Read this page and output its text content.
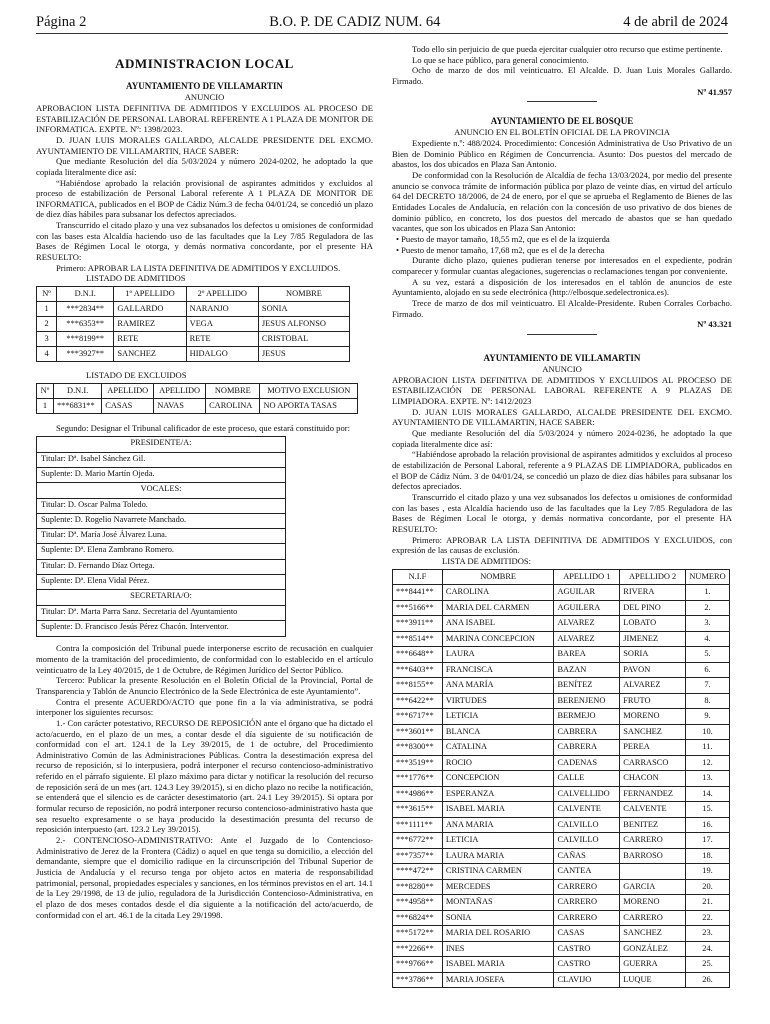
Página 2	B.O. P. DE CADIZ NUM. 64	4 de abril de 2024
ADMINISTRACION LOCAL
AYUNTAMIENTO DE VILLAMARTIN
ANUNCIO
APROBACION LISTA DEFINITIVA DE ADMITIDOS Y EXCLUIDOS AL PROCESO DE ESTABILIZACIÓN DE PERSONAL LABORAL REFERENTE A 1 PLAZA DE MONITOR DE INFORMATICA. EXPTE. Nº: 1398/2023.
D. JUAN LUIS MORALES GALLARDO, ALCALDE PRESIDENTE DEL EXCMO. AYUNTAMIENTO DE VILLAMARTIN, HACE SABER:
Que mediante Resolución del día 5/03/2024 y número 2024-0202, he adoptado la que copiada literalmente dice así:
“Habiéndose aprobado la relación provisional de aspirantes admitidos y excluidos al proceso de estabilización de Personal Laboral referente A 1 PLAZA DE MONITOR DE INFORMATICA, publicados en el BOP de Cádiz Núm.3 de fecha 04/01/24, se concedió un plazo de diez días hábiles para subsanar los defectos apreciados.
Transcurrido el citado plazo y una vez subsanados los defectos u omisiones de conformidad con las bases esta Alcaldía haciendo uso de las facultades que la Ley 7/85 Reguladora de las Bases de Régimen Local le otorga, y demás normativa concordante, por el presente HA RESUELTO:
Primero: APROBAR LA LISTA DEFINITIVA DE ADMITIDOS Y EXCLUIDOS.
LISTADO DE ADMITIDOS
Nº	D.N.I.	1º APELLIDO	2º APELLIDO	NOMBRE
1	***2834**	GALLARDO	NARANJO	SONIA
2	***6353**	RAMIREZ	VEGA	JESUS ALFONSO
3	***8199**	RETE	RETE	CRISTOBAL
4	***3927**	SANCHEZ	HIDALGO	JESUS
LISTADO DE EXCLUIDOS
Nº	D.N.I.	APELLIDO	APELLIDO	NOMBRE	MOTIVO EXCLUSION
1	***6831**	CASAS	NAVAS	CAROLINA	NO APORTA TASAS
Segundo: Designar el Tribunal calificador de este proceso, que estará constituido por:
PRESIDENTE/A:
Titular: Dª. Isabel Sánchez Gil.
Suplente: D. Mario Martín Ojeda.
VOCALES:
Titular: D. Oscar Palma Toledo.
Suplente: D. Rogelio Navarrete Manchado.
Titular: Dª. María José Álvarez Luna.
Suplente: Dª. Elena Zambrano Romero.
Titular: D. Fernando Díaz Ortega.
Suplente: Dª. Elena Vidal Pérez.
SECRETARIA/O:
Titular: Dª. Marta Parra Sanz. Secretaria del Ayuntamiento
Suplente: D. Francisco Jesús Pérez Chacón. Interventor.
Contra la composición del Tribunal puede interponerse escrito de recusación en cualquier momento de la tramitación del procedimiento, de conformidad con lo establecido en el artículo veinticuatro de la Ley 40/2015, de 1 de Octubre, de Régimen Jurídico del Sector Público.
Tercero: Publicar la presente Resolución en el Boletín Oficial de la Provincial, Portal de Transparencia y Tablón de Anuncio Electrónico de la Sede Electrónica de este Ayuntamiento”.
Contra el presente ACUERDO/ACTO que pone fin a la vía administrativa, se podrá interponer los siguientes recursos:
1.- Con carácter potestativo, RECURSO DE REPOSICIÓN ante el órgano que ha dictado el acto/acuerdo, en el plazo de un mes, a contar desde el día siguiente de su notificación de conformidad con el art. 124.1 de la Ley 39/2015, de 1 de octubre, del Procedimiento Administrativo Común de las Administraciones Públicas. Contra la desestimación expresa del recurso de reposición, si lo interpusiera, podrá interponer el recurso contencioso-administrativo referido en el párrafo siguiente. El plazo máximo para dictar y notificar la resolución del recurso de reposición será de un mes (art. 124.3 Ley 39/2015), si en dicho plazo no recibe la notificación, se entenderá que el silencio es de carácter desestimatorio (art. 24.1 Ley 39/2015). Si optara por formular recurso de reposición, no podrá interponer recurso contencioso-administrativo hasta que sea resuelto expresamente o se haya producido la desestimación presunta del recurso de reposición interpuesto (art. 123.2 Ley 39/2015).
2.- CONTENCIOSO-ADMINISTRATIVO: Ante el Juzgado de lo Contencioso-Administrativo de Jerez de la Frontera (Cádiz) o aquel en que tenga su domicilio, a elección del demandante, siempre que el domicilio radique en la circunscripción del Tribunal Superior de Justicia de Andalucía y el recurso tenga por objeto actos en materia de responsabilidad patrimonial, personal, propiedades especiales y sanciones, en los términos previstos en el art. 14.1 de la Ley 29/1998, de 13 de julio, reguladora de la Jurisdicción Contencioso-Administrativa, en el plazo de dos meses contados desde el día siguiente a la notificación del acto/acuerdo, de conformidad con el art. 46.1 de la citada Ley 29/1998.
Todo ello sin perjuicio de que pueda ejercitar cualquier otro recurso que estime pertinente.
Lo que se hace público, para general conocimiento.
Ocho de marzo de dos mil veinticuatro. El Alcalde. D. Juan Luis Morales Gallardo. Firmado.
Nº 41.957
AYUNTAMIENTO DE EL BOSQUE
ANUNCIO EN EL BOLETÍN OFICIAL DE LA PROVINCIA
Expediente n.º: 488/2024. Procedimiento: Concesión Administrativa de Uso Privativo de un Bien de Dominio Público en Régimen de Concurrencia. Asunto: Dos puestos del mercado de abastos, los dos ubicados en Plaza San Antonio.
De conformidad con la Resolución de Alcaldía de fecha 13/03/2024, por medio del presente anuncio se convoca trámite de información pública por plazo de veinte días, en virtud del artículo 64 del DECRETO 18/2006, de 24 de enero, por el que se aprueba el Reglamento de Bienes de las Entidades Locales de Andalucía, en relación con la concesión de uso privativo de dos bienes de dominio público, en concreto, los dos puestos del mercado de abastos que se han quedado vacantes, que son los ubicados en Plaza San Antonio:
• Puesto de mayor tamaño, 18,55 m2, que es el de la izquierda
• Puesto de menor tamaño, 17,68 m2, que es el de la derecha
Durante dicho plazo, quienes pudieran tenerse por interesados en el expediente, podrán comparecer y formular cuantas alegaciones, sugerencias o reclamaciones tengan por conveniente.
A su vez, estará a disposición de los interesados en el tablón de anuncios de este Ayuntamiento, alojado en su sede electrónica (http://elbosque.sedelectronica.es).
Trece de marzo de dos mil veinticuatro. El Alcalde-Presidente. Ruben Corrales Corbacho. Firmado.
Nº 43.321
AYUNTAMIENTO DE VILLAMARTIN
ANUNCIO
APROBACION LISTA DEFINITIVA DE ADMITIDOS Y EXCLUIDOS AL PROCESO DE ESTABILIZACIÓN DE PERSONAL LABORAL REFERENTE A 9 PLAZAS DE LIMPIADORA. EXPTE. Nº: 1412/2023
D. JUAN LUIS MORALES GALLARDO, ALCALDE PRESIDENTE DEL EXCMO. AYUNTAMIENTO DE VILLAMARTIN, HACE SABER:
Que mediante Resolución del día 5/03/2024 y número 2024-0236, he adoptado la que copiada literalmente dice así:
“Habiéndose aprobado la relación provisional de aspirantes admitidos y excluidos al proceso de estabilización de Personal Laboral, referente a 9 PLAZAS DE LIMPIADORA, publicados en el BOP de Cádiz Núm. 3 de 04/01/24, se concedió un plazo de diez días hábiles para subsanar los defectos apreciados.
Transcurrido el citado plazo y una vez subsanados los defectos u omisiones de conformidad con las bases , esta Alcaldía haciendo uso de las facultades que la Ley 7/85 Reguladora de las Bases de Régimen Local le otorga, y demás normativa concordante, por el presente HA RESUELTO:
Primero: APROBAR LA LISTA DEFINITIVA DE ADMITIDOS Y EXCLUIDOS, con expresión de las causas de exclusión.
LISTA DE ADMITIDOS:
N.I.F	NOMBRE	APELLIDO 1	APELLIDO 2	NUMERO
***8441**	CAROLINA	AGUILAR	RIVERA	1.
***5166**	MARIA DEL CARMEN	AGUILERA	DEL PINO	2.
***3911**	ANA ISABEL	ALVAREZ	LOBATO	3.
***8514**	MARINA CONCEPCION	ALVAREZ	JIMENEZ	4.
***6648**	LAURA	BAREA	SORIA	5.
***6403**	FRANCISCA	BAZAN	PAVON	6.
***8155**	ANA MARÍA	BENÍTEZ	ALVAREZ	7.
***6422**	VIRTUDES	BERENJENO	FRUTO	8.
***6717**	LETICIA	BERMEJO	MORENO	9.
***3601**	BLANCA	CABRERA	SANCHEZ	10.
***8300**	CATALINA	CABRERA	PEREA	11.
***3519**	ROCIO	CADENAS	CARRASCO	12.
***1776**	CONCEPCION	CALLE	CHACON	13.
***4986**	ESPERANZA	CALVELLIDO	FERNANDEZ	14.
***3615**	ISABEL MARIA	CALVENTE	CALVENTE	15.
***1111**	ANA MARIA	CALVILLO	BENITEZ	16.
***6772**	LETICIA	CALVILLO	CARRERO	17.
***7357**	LAURA MARIA	CAÑAS	BARROSO	18.
****472**	CRISTINA CARMEN	CANTEA		19.
***8280**	MERCEDES	CARRERO	GARCIA	20.
***4958**	MONTAÑAS	CARRERO	MORENO	21.
***6824**	SONIA	CARRERO	CARRERO	22.
***5172**	MARIA DEL ROSARIO	CASAS	SANCHEZ	23.
***2266**	INES	CASTRO	GONZÁLEZ	24.
***9766**	ISABEL MARIA	CASTRO	GUERRA	25.
***3786**	MARIA JOSEFA	CLAVIJO	LUQUE	26.
